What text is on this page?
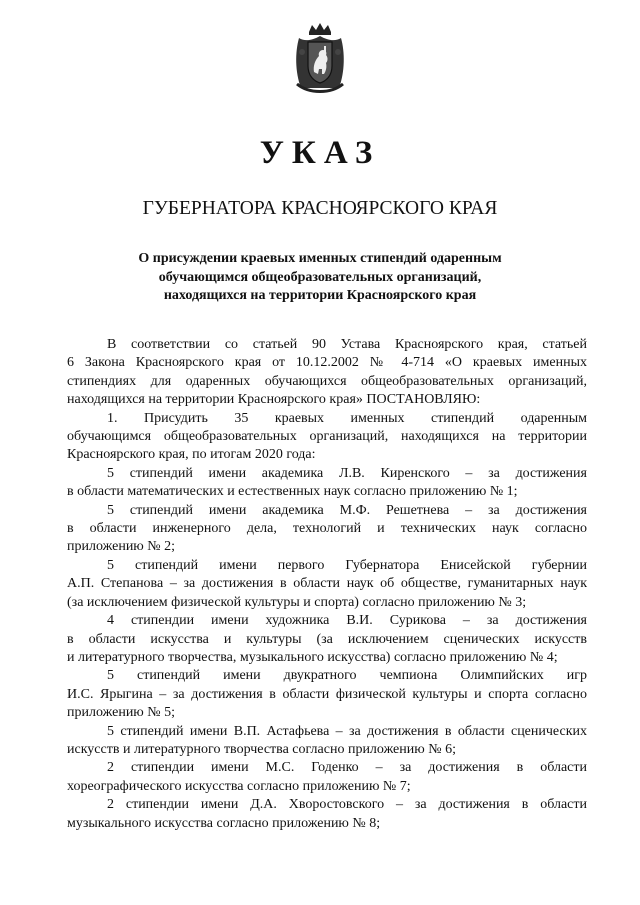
УКАЗ
ГУБЕРНАТОРА КРАСНОЯРСКОГО КРАЯ
О присуждении краевых именных стипендий одаренным
обучающимся общеобразовательных организаций,
находящихся на территории Красноярского края

В соответствии со статьей 90 Устава Красноярского края, статьей
6 Закона Красноярского края от 10.12.2002 № 4-714 «О краевых именных
стипендиях для одаренных обучающихся общеобразовательных организаций,
находящихся на территории Красноярского края» ПОСТАНОВЛЯЮ:

1. Присудить 35 краевых именных стипендий одаренным
обучающимся общеобразовательных организаций, находящихся на территории
Красноярского края, по итогам 2020 года:

5 стипендий имени академика Л.В. Киренского – за достижения
в области математических и естественных наук согласно приложению № 1;

5 стипендий имени академика М.Ф. Решетнева – за достижения
в области инженерного дела, технологий и технических наук согласно
приложению № 2;

5 стипендий имени первого Губернатора Енисейской губернии
А.П. Степанова – за достижения в области наук об обществе, гуманитарных наук
(за исключением физической культуры и спорта) согласно приложению № 3;

4 стипендии имени художника В.И. Сурикова – за достижения
в области искусства и культуры (за исключением сценических искусств
и литературного творчества, музыкального искусства) согласно приложению № 4;

5 стипендий имени двукратного чемпиона Олимпийских игр
И.С. Ярыгина – за достижения в области физической культуры и спорта согласно
приложению № 5;

5 стипендий имени В.П. Астафьева – за достижения в области сценических
искусств и литературного творчества согласно приложению № 6;

2 стипендии имени М.С. Годенко – за достижения в области
хореографического искусства согласно приложению № 7;

2 стипендии имени Д.А. Хворостовского – за достижения в области
музыкального искусства согласно приложению № 8;
